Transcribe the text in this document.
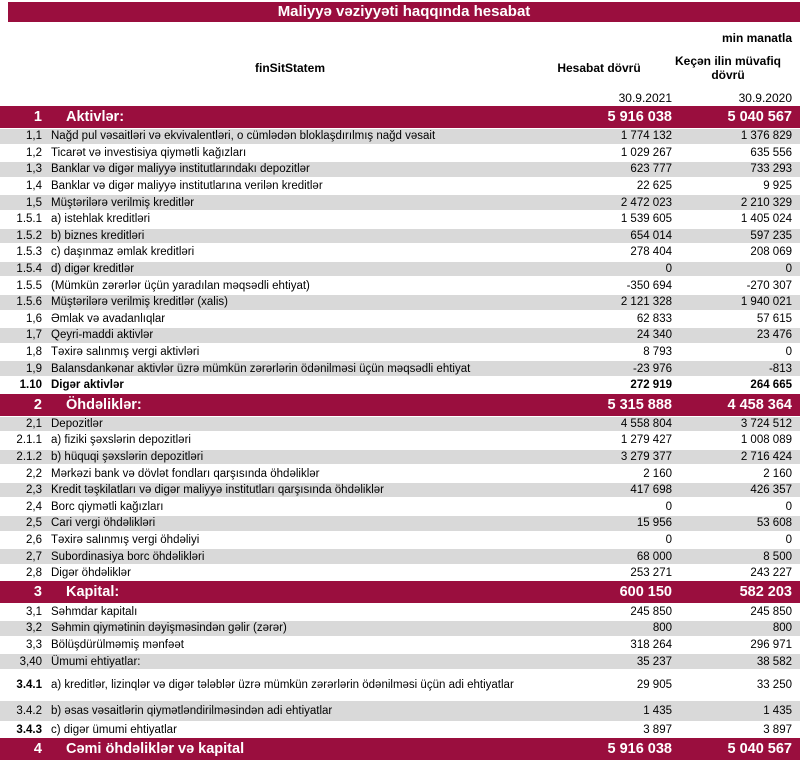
Maliyyə vəziyyəti haqqında hesabat
min manatla
finSitStatem	Hesabat dövrü
Keçən ilin müvafiq dövrü
30.9.2021	30.9.2020
1	Aktivlər:	5 916 038	5 040 567
1,1 Nağd pul vəsaitləri və ekvivalentləri, o cümlədən bloklaşdırılmış nağd vəsait	1 774 132	1 376 829
1,2 Ticarət və investisiya qiymətli kağızları	1 029 267	635 556
1,3 Banklar və digər maliyyə institutlarındakı depozitlər	623 777	733 293
1,4 Banklar və digər maliyyə institutlarına verilən kreditlər	22 625	9 925
1,5 Müştərilərə verilmiş kreditlər	2 472 023	2 210 329
1.5.1 a) istehlak kreditləri	1 539 605	1 405 024
1.5.2 b) biznes kreditləri	654 014	597 235
1.5.3 c) daşınmaz əmlak kreditləri	278 404	208 069
1.5.4 d) digər kreditlər	0	0
1.5.5 (Mümkün zərərlər üçün yaradılan məqsədli ehtiyat)	-350 694	-270 307
1.5.6 Müştərilərə verilmiş kreditlər (xalis)	2 121 328	1 940 021
1,6 Əmlak və avadanlıqlar	62 833	57 615
1,7 Qeyri-maddi aktivlər	24 340	23 476
1,8 Təxirə salınmış vergi aktivləri	8 793	0
1,9 Balansdankənar aktivlər üzrə mümkün zərərlərin ödənilməsi üçün məqsədli ehtiyat	-23 976	-813
1.10 Digər aktivlər	272 919	264 665
2	Öhdəliklər:	5 315 888	4 458 364
2,1 Depozitlər	4 558 804	3 724 512
2.1.1 a) fiziki şəxslərin depozitləri	1 279 427	1 008 089
2.1.2 b) hüquqi şəxslərin depozitləri	3 279 377	2 716 424
2,2 Mərkəzi bank və dövlət fondları qarşısında öhdəliklər	2 160	2 160
2,3 Kredit təşkilatları və digər maliyyə institutları qarşısında öhdəliklər	417 698	426 357
2,4 Borc qiymətli kağızları	0	0
2,5 Cari vergi öhdəlikləri	15 956	53 608
2,6 Təxirə salınmış vergi öhdəliyi	0	0
2,7 Subordinasiya borc öhdəlikləri	68 000	8 500
2,8 Digər öhdəliklər	253 271	243 227
3	Kapital:	600 150	582 203
3,1 Səhmdar kapitalı	245 850	245 850
3,2 Səhmin qiymətinin dəyişməsindən gəlir (zərər)	800	800
3,3 Bölüşdürülməmiş mənfəət	318 264	296 971
3,40 Ümumi ehtiyatlar:	35 237	38 582
3.4.1 a) kreditlər, lizinqlər və digər tələblər üzrə mümkün zərərlərin ödənilməsi üçün adi ehtiyatlar	29 905	33 250
3.4.2 b) əsas vəsaitlərin qiymətləndirilməsindən adi ehtiyatlar	1 435	1 435
3.4.3 c) digər ümumi ehtiyatlar	3 897	3 897
4	Cəmi öhdəliklər və kapital	5 916 038	5 040 567
